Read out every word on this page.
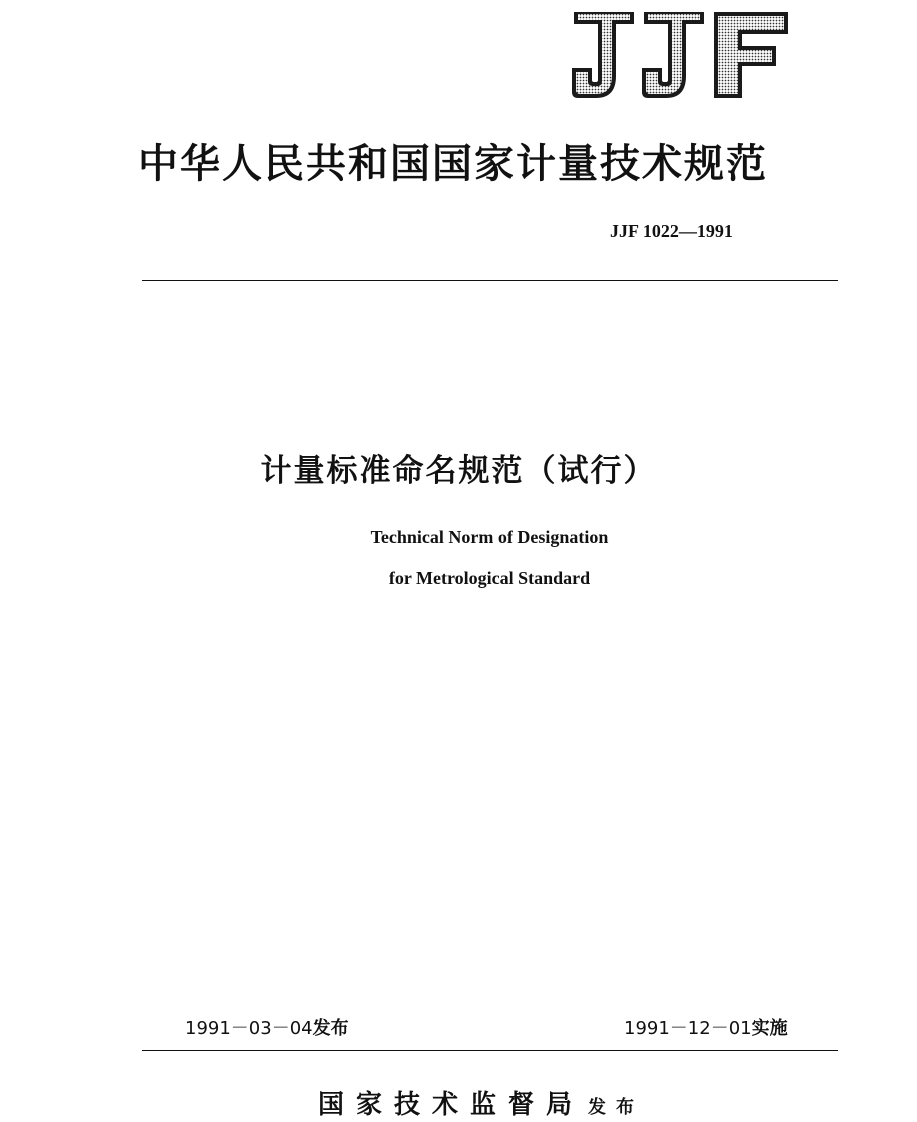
中华人民共和国国家计量技术规范
JJF 1022—1991
计量标准命名规范（试行）
Technical Norm of Designation
for Metrological Standard
1991－03－04发布	1991－12－01实施
国家技术监督局 发布
